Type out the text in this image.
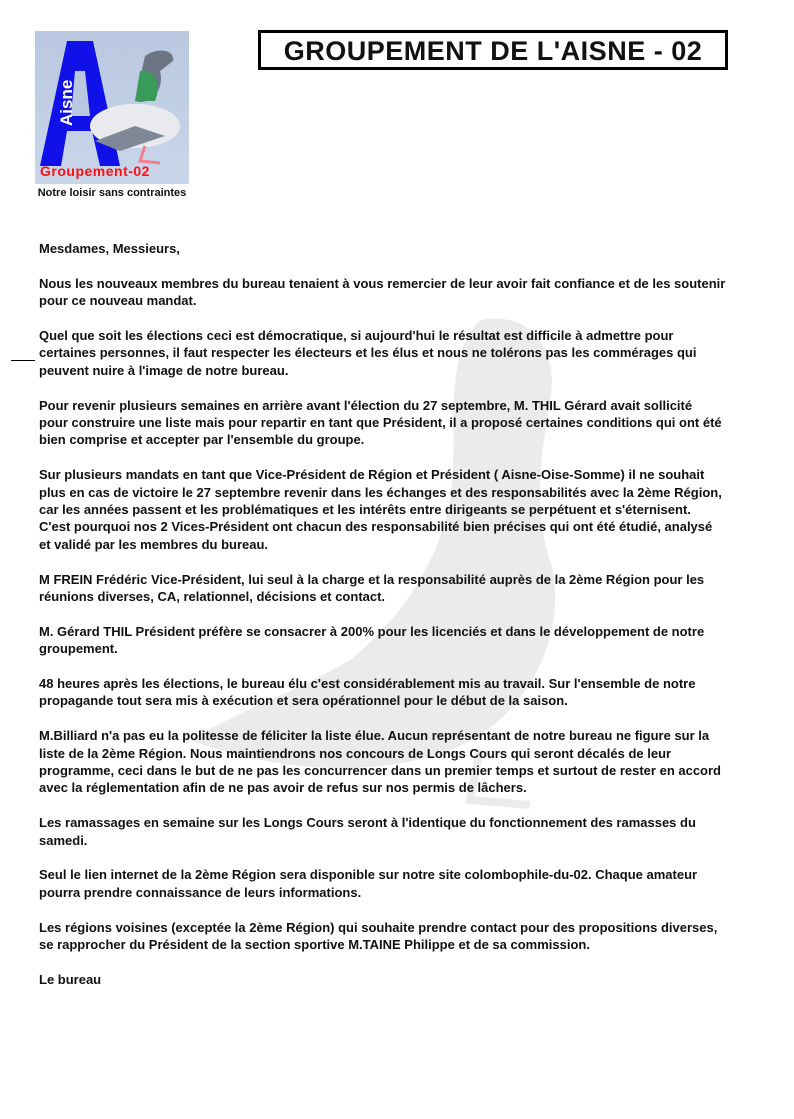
Aisne
Groupement-02
Notre loisir sans contraintes
GROUPEMENT DE L'AISNE - 02
Mesdames, Messieurs,
Nous les nouveaux membres du bureau tenaient à vous remercier de leur avoir fait confiance et de les soutenir
pour ce nouveau mandat.
Quel que soit les élections ceci est démocratique, si aujourd'hui le résultat est difficile à admettre pour
certaines personnes, il faut respecter les électeurs et les élus et nous ne tolérons pas les commérages qui
peuvent nuire à l'image de notre bureau.
Pour revenir plusieurs semaines en arrière avant l'élection du 27 septembre, M. THIL Gérard avait sollicité
pour construire une liste mais pour repartir en tant que Président, il a proposé certaines conditions qui ont été
bien comprise et accepter par l'ensemble du groupe.
Sur plusieurs mandats en tant que Vice-Président de Région et Président ( Aisne-Oise-Somme) il ne souhait
plus en cas de victoire le 27 septembre revenir dans les échanges et des responsabilités avec la 2ème Région,
car les années passent et les problématiques et les intérêts entre dirigeants se perpétuent et s'éternisent.
C'est pourquoi nos 2 Vices-Président ont chacun des responsabilité bien précises qui ont été étudié, analysé
et validé par les membres du bureau.
M FREIN Frédéric Vice-Président, lui seul à la charge et la responsabilité auprès de la 2ème Région pour les
réunions diverses, CA, relationnel, décisions et contact.
M. Gérard THIL Président préfère se consacrer à 200% pour les licenciés et dans le développement de notre
groupement.
48 heures après les élections, le bureau élu c'est considérablement mis au travail. Sur l'ensemble de notre
propagande tout sera mis à exécution et sera opérationnel pour le début de la saison.
M.Billiard n'a pas eu la politesse de féliciter la liste élue. Aucun représentant de notre bureau ne figure sur la
liste de la 2ème Région. Nous maintiendrons nos concours de Longs Cours qui seront décalés de leur
programme, ceci dans le but de ne pas les concurrencer dans un premier temps et surtout de rester en accord
avec la réglementation afin de ne pas avoir de refus sur nos permis de lâchers.
Les ramassages en semaine sur les Longs Cours seront à l'identique du fonctionnement des ramasses du
samedi.
Seul le lien internet de la 2ème Région sera disponible sur notre site colombophile-du-02. Chaque amateur
pourra prendre connaissance de leurs informations.
Les régions voisines (exceptée la 2ème Région) qui souhaite prendre contact pour des propositions diverses,
se rapprocher du Président de la section sportive M.TAINE Philippe et de sa commission.
Le bureau
